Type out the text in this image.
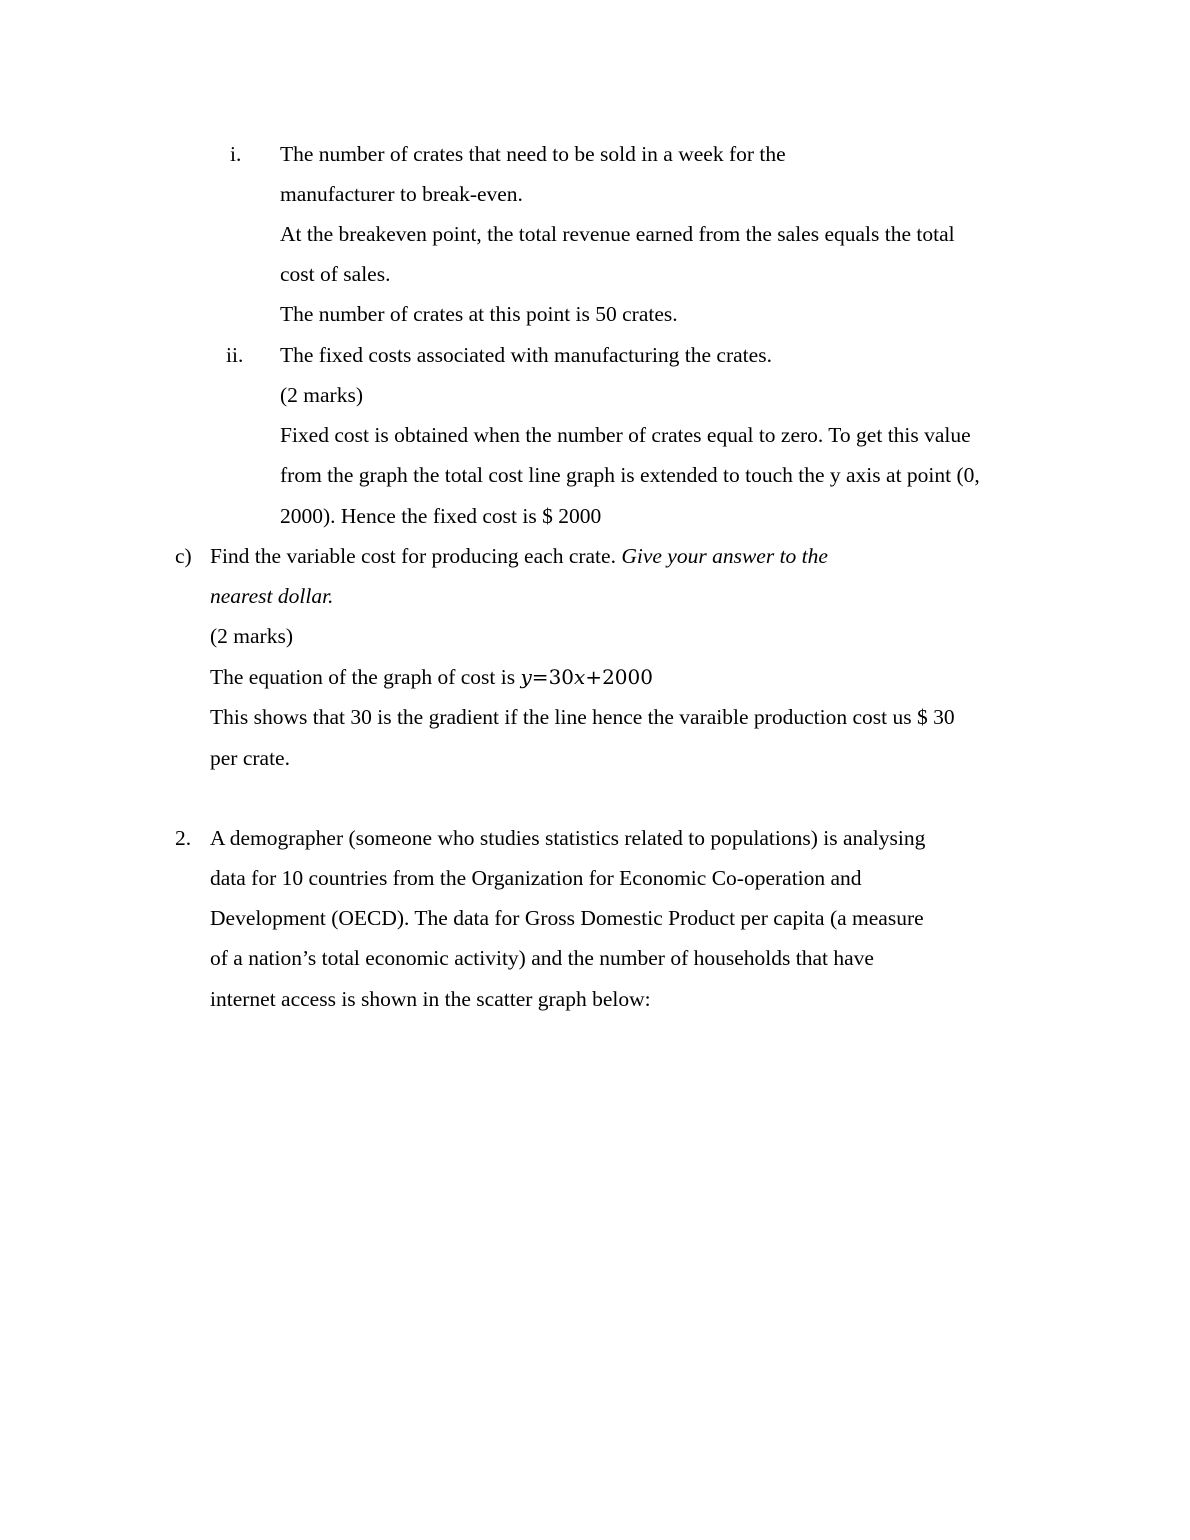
i. The number of crates that need to be sold in a week for the
manufacturer to break-even.
At the breakeven point, the total revenue earned from the sales equals the total
cost of sales.
The number of crates at this point is 50 crates.
ii. The fixed costs associated with manufacturing the crates.
(2 marks)
Fixed cost is obtained when the number of crates equal to zero. To get this value
from the graph the total cost line graph is extended to touch the y axis at point (0,
2000). Hence the fixed cost is $ 2000
c) Find the variable cost for producing each crate. Give your answer to the
nearest dollar.
(2 marks)
The equation of the graph of cost is y=30x+2000
This shows that 30 is the gradient if the line hence the varaible production cost us $ 30
per crate.
2. A demographer (someone who studies statistics related to populations) is analysing
data for 10 countries from the Organization for Economic Co-operation and
Development (OECD). The data for Gross Domestic Product per capita (a measure
of a nation’s total economic activity) and the number of households that have
internet access is shown in the scatter graph below:
